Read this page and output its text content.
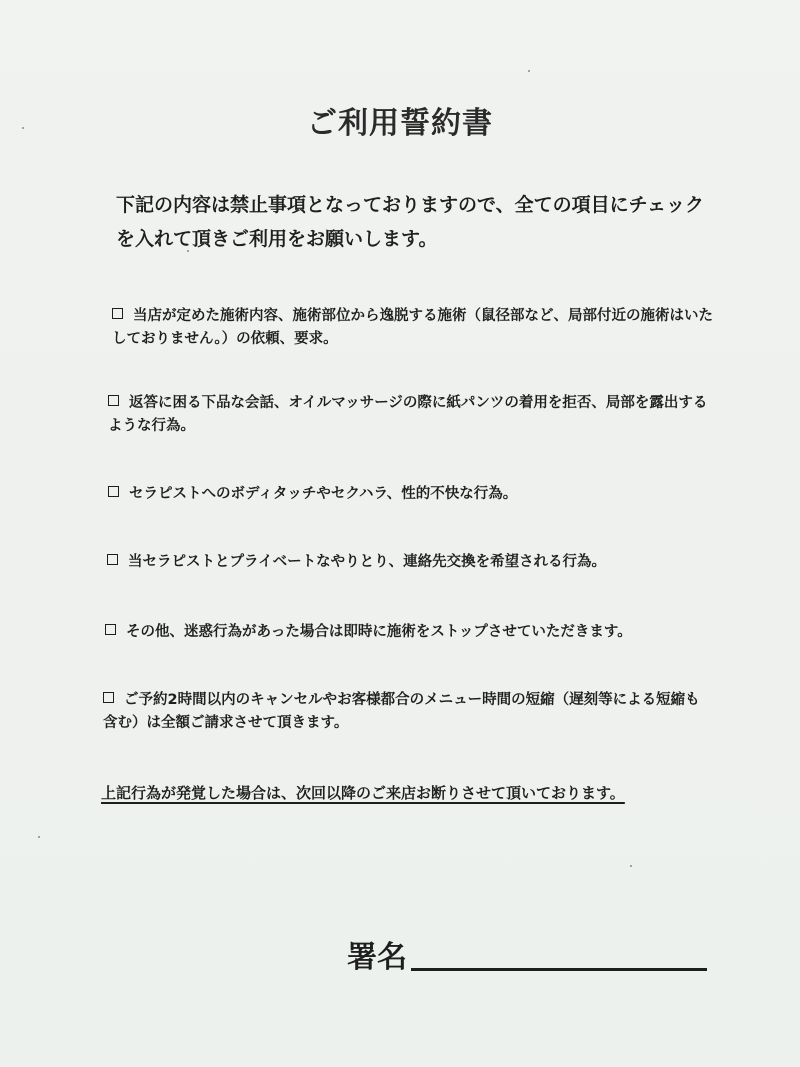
ご利用誓約書
下記の内容は禁止事項となっておりますので、全ての項目にチェックを入れて頂きご利用をお願いします。
当店が定めた施術内容、施術部位から逸脱する施術（鼠径部など、局部付近の施術はいたしておりません。）の依頼、要求。
返答に困る下品な会話、オイルマッサージの際に紙パンツの着用を拒否、局部を露出するような行為。
セラピストへのボディタッチやセクハラ、性的不快な行為。
当セラピストとプライベートなやりとり、連絡先交換を希望される行為。
その他、迷惑行為があった場合は即時に施術をストップさせていただきます。
ご予約2時間以内のキャンセルやお客様都合のメニュー時間の短縮（遅刻等による短縮も含む）は全額ご請求させて頂きます。
上記行為が発覚した場合は、次回以降のご来店お断りさせて頂いております。
署名
